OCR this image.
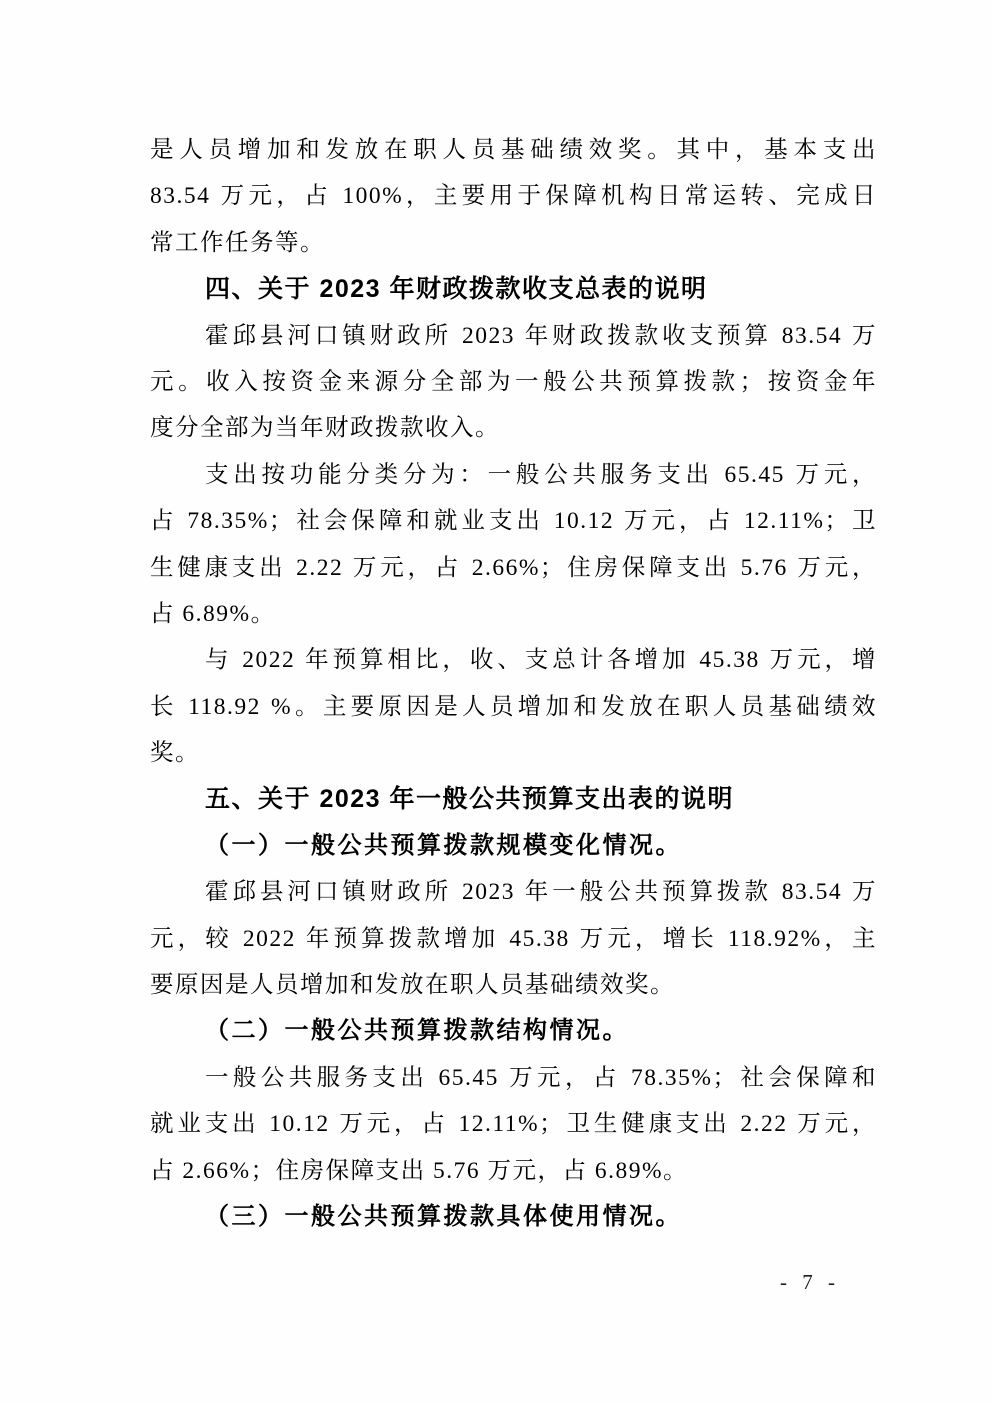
是人员增加和发放在职人员基础绩效奖。其中，基本支出
83.54 万元，占 100%，主要用于保障机构日常运转、完成日
常工作任务等。
四、关于 2023 年财政拨款收支总表的说明
霍邱县河口镇财政所 2023 年财政拨款收支预算 83.54 万
元。收入按资金来源分全部为一般公共预算拨款；按资金年
度分全部为当年财政拨款收入。
支出按功能分类分为：一般公共服务支出 65.45 万元，
占 78.35%；社会保障和就业支出 10.12 万元，占 12.11%；卫
生健康支出 2.22 万元，占 2.66%；住房保障支出 5.76 万元，
占 6.89%。
与 2022 年预算相比，收、支总计各增加 45.38 万元，增
长 118.92 %。主要原因是人员增加和发放在职人员基础绩效
奖。
五、关于 2023 年一般公共预算支出表的说明
（一）一般公共预算拨款规模变化情况。
霍邱县河口镇财政所 2023 年一般公共预算拨款 83.54 万
元，较 2022 年预算拨款增加 45.38 万元，增长 118.92%，主
要原因是人员增加和发放在职人员基础绩效奖。
（二）一般公共预算拨款结构情况。
一般公共服务支出 65.45 万元，占 78.35%；社会保障和
就业支出 10.12 万元，占 12.11%；卫生健康支出 2.22 万元，
占 2.66%；住房保障支出 5.76 万元，占 6.89%。
（三）一般公共预算拨款具体使用情况。
- 7 -
